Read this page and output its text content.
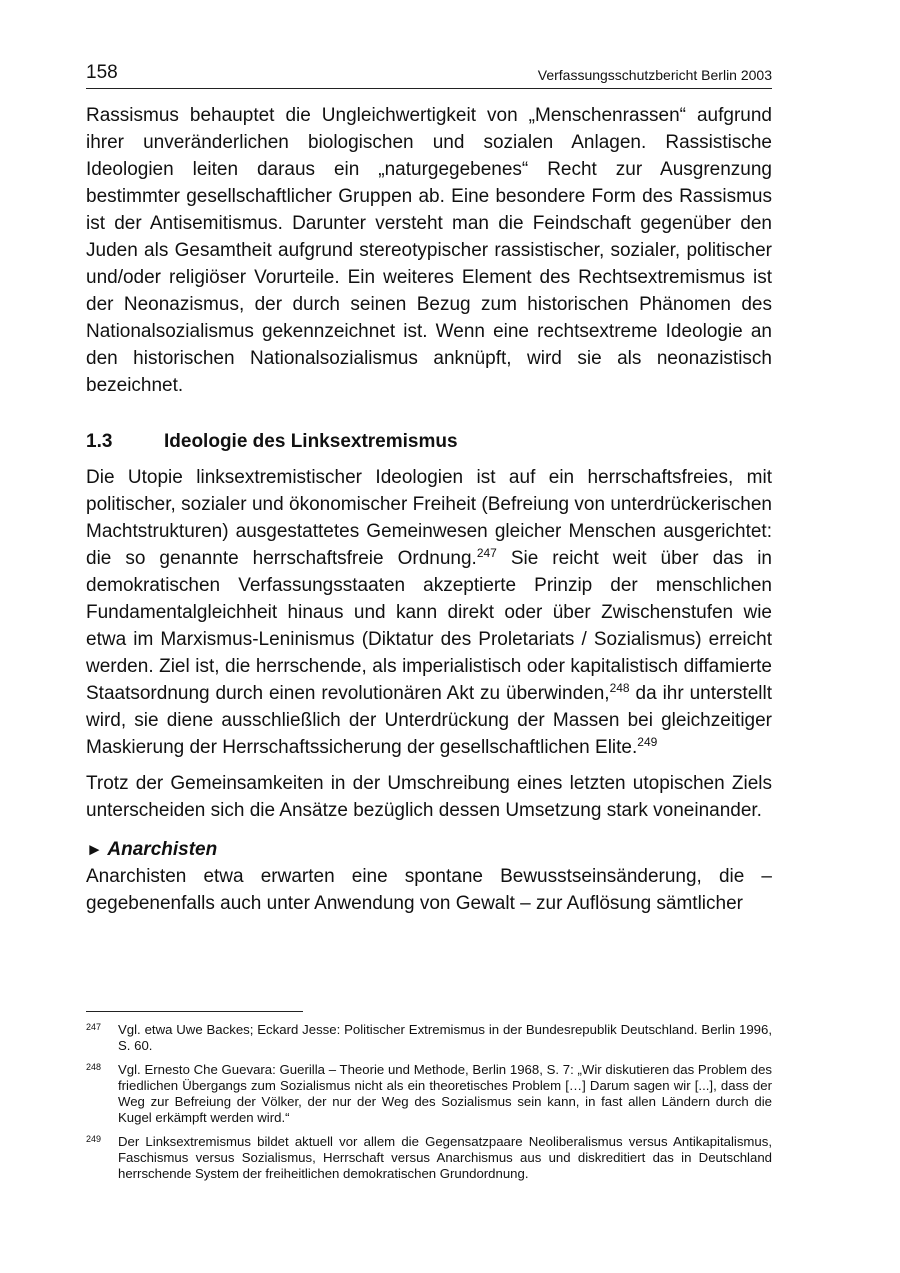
158	Verfassungsschutzbericht Berlin 2003

Rassismus behauptet die Ungleichwertigkeit von „Menschenrassen“ aufgrund ihrer unveränderlichen biologischen und sozialen Anlagen. Rassistische Ideologien leiten daraus ein „naturgegebenes“ Recht zur Ausgrenzung bestimmter gesellschaftlicher Gruppen ab. Eine besondere Form des Rassismus ist der Antisemitismus. Darunter versteht man die Feindschaft gegenüber den Juden als Gesamtheit aufgrund stereotypischer rassistischer, sozialer, politischer und/oder religiöser Vorurteile. Ein weiteres Element des Rechtsextremismus ist der Neonazismus, der durch seinen Bezug zum historischen Phänomen des Nationalsozialismus gekennzeichnet ist. Wenn eine rechtsextreme Ideologie an den historischen Nationalsozialismus anknüpft, wird sie als neonazistisch bezeichnet.

1.3	Ideologie des Linksextremismus

Die Utopie linksextremistischer Ideologien ist auf ein herrschaftsfreies, mit politischer, sozialer und ökonomischer Freiheit (Befreiung von unterdrückerischen Machtstrukturen) ausgestattetes Gemeinwesen gleicher Menschen ausgerichtet: die so genannte herrschaftsfreie Ordnung.$^{247}$ Sie reicht weit über das in demokratischen Verfassungsstaaten akzeptierte Prinzip der menschlichen Fundamentalgleichheit hinaus und kann direkt oder über Zwischenstufen wie etwa im Marxismus-Leninismus (Diktatur des Proletariats / Sozialismus) erreicht werden. Ziel ist, die herrschende, als imperialistisch oder kapitalistisch diffamierte Staatsordnung durch einen revolutionären Akt zu überwinden,$^{248}$ da ihr unterstellt wird, sie diene ausschließlich der Unterdrückung der Massen bei gleichzeitiger Maskierung der Herrschaftssicherung der gesellschaftlichen Elite.$^{249}$

Trotz der Gemeinsamkeiten in der Umschreibung eines letzten utopischen Ziels unterscheiden sich die Ansätze bezüglich dessen Umsetzung stark voneinander.

► Anarchisten

Anarchisten etwa erwarten eine spontane Bewusstseinsänderung, die – gegebenenfalls auch unter Anwendung von Gewalt – zur Auflösung sämtlicher

247 Vgl. etwa Uwe Backes; Eckard Jesse: Politischer Extremismus in der Bundesrepublik Deutschland. Berlin 1996, S. 60.
248 Vgl. Ernesto Che Guevara: Guerilla – Theorie und Methode, Berlin 1968, S. 7: „Wir diskutieren das Problem des friedlichen Übergangs zum Sozialismus nicht als ein theoretisches Problem […] Darum sagen wir [...], dass der Weg zur Befreiung der Völker, der nur der Weg des Sozialismus sein kann, in fast allen Ländern durch die Kugel erkämpft werden wird.“
249 Der Linksextremismus bildet aktuell vor allem die Gegensatzpaare Neoliberalismus versus Antikapitalismus, Faschismus versus Sozialismus, Herrschaft versus Anarchismus aus und diskreditiert das in Deutschland herrschende System der freiheitlichen demokratischen Grundordnung.
